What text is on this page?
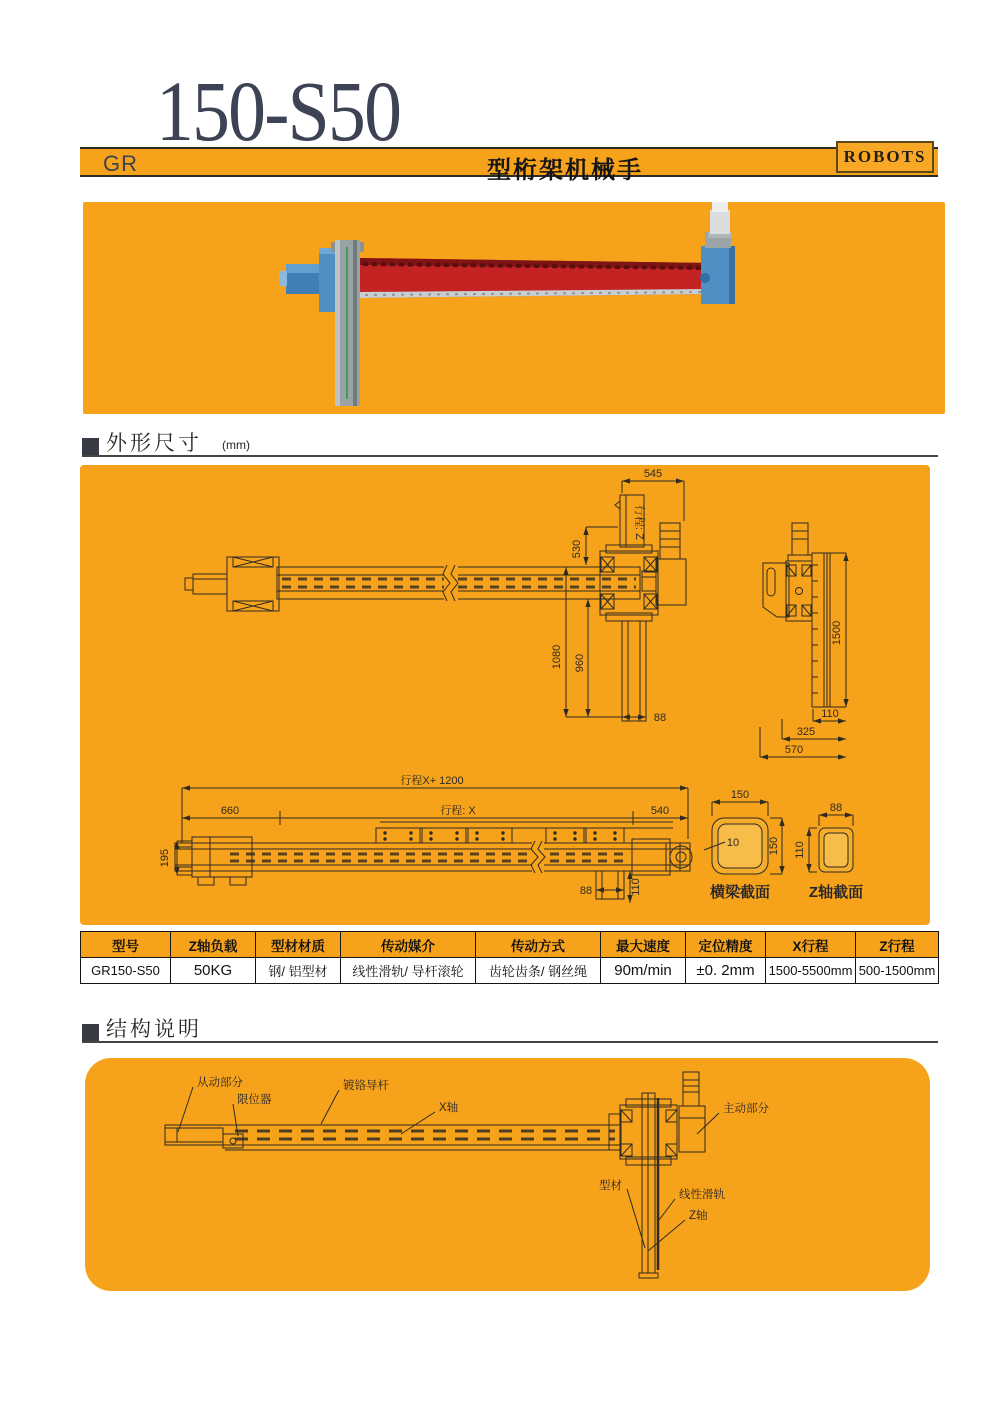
GR
150-S50
型桁架机械手
ROBOTS
外形尺寸 (mm)
545
行程: Z
530
1080 960
88
1500
110
325
570
行程X+ 1200
660	行程: X	540
195
88	110
150
150
10
横梁截面
88
110
Z轴截面
型号	Z轴负载	型材材质	传动媒介	传动方式	最大速度	定位精度	X行程	Z行程
GR150-S50	50KG	钢/ 铝型材	线性滑轨/ 导杆滚轮	齿轮齿条/ 钢丝绳	90m/min	±0. 2mm	1500-5500mm	500-1500mm
结构说明
从动部分
限位器
镀铬导杆
X轴	主动部分
型材
线性滑轨
Z轴
